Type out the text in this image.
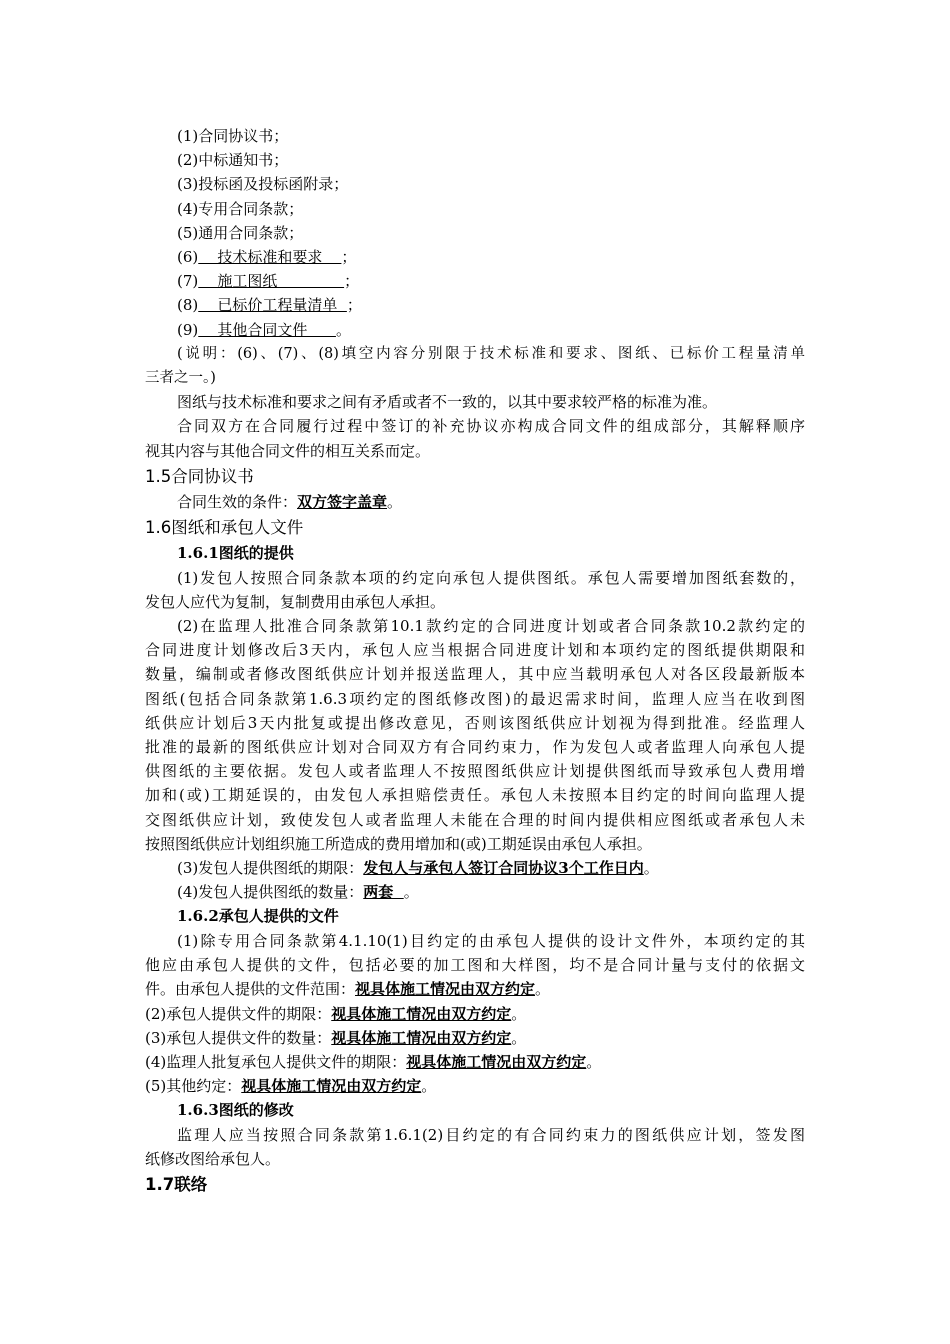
(1)合同协议书；
(2)中标通知书；
(3)投标函及投标函附录；
(4)专用合同条款；
(5)通用合同条款；
(6)    技术标准和要求    ；
(7)    施工图纸              ；
(8)    已标价工程量清单  ；
(9)    其他合同文件      。
(说明：(6)、(7)、(8)填空内容分别限于技术标准和要求、图纸、已标价工程量清单
三者之一。)
图纸与技术标准和要求之间有矛盾或者不一致的，以其中要求较严格的标准为准。
合同双方在合同履行过程中签订的补充协议亦构成合同文件的组成部分，其解释顺序
视其内容与其他合同文件的相互关系而定。
1.5合同协议书
合同生效的条件：双方签字盖章。
1.6图纸和承包人文件
1.6.1图纸的提供
(1)发包人按照合同条款本项的约定向承包人提供图纸。承包人需要增加图纸套数的，
发包人应代为复制，复制费用由承包人承担。
(2)在监理人批准合同条款第10.1款约定的合同进度计划或者合同条款10.2款约定的
合同进度计划修改后3天内，承包人应当根据合同进度计划和本项约定的图纸提供期限和
数量，编制或者修改图纸供应计划并报送监理人，其中应当载明承包人对各区段最新版本
图纸(包括合同条款第1.6.3项约定的图纸修改图)的最迟需求时间，监理人应当在收到图
纸供应计划后3天内批复或提出修改意见，否则该图纸供应计划视为得到批准。经监理人
批准的最新的图纸供应计划对合同双方有合同约束力，作为发包人或者监理人向承包人提
供图纸的主要依据。发包人或者监理人不按照图纸供应计划提供图纸而导致承包人费用增
加和(或)工期延误的，由发包人承担赔偿责任。承包人未按照本目约定的时间向监理人提
交图纸供应计划，致使发包人或者监理人未能在合理的时间内提供相应图纸或者承包人未
按照图纸供应计划组织施工所造成的费用增加和(或)工期延误由承包人承担。
(3)发包人提供图纸的期限：发包人与承包人签订合同协议3个工作日内。
(4)发包人提供图纸的数量：两套  。
1.6.2承包人提供的文件
(1)除专用合同条款第4.1.10(1)目约定的由承包人提供的设计文件外，本项约定的其
他应由承包人提供的文件，包括必要的加工图和大样图，均不是合同计量与支付的依据文
件。由承包人提供的文件范围：视具体施工情况由双方约定。
(2)承包人提供文件的期限：视具体施工情况由双方约定。
(3)承包人提供文件的数量：视具体施工情况由双方约定。
(4)监理人批复承包人提供文件的期限：视具体施工情况由双方约定。
(5)其他约定：视具体施工情况由双方约定。
1.6.3图纸的修改
监理人应当按照合同条款第1.6.1(2)目约定的有合同约束力的图纸供应计划，签发图
纸修改图给承包人。
1.7联络
